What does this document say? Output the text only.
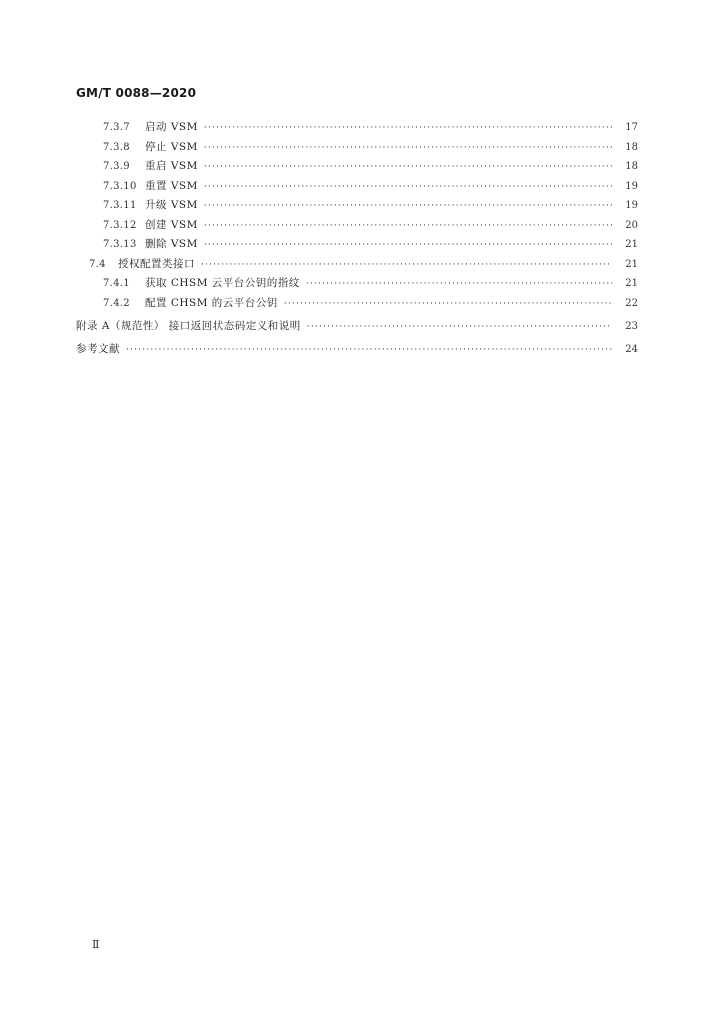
GM/T 0088—2020
7.3.7	启动 VSM ·····	17
7.3.8	停止 VSM ·····	18
7.3.9	重启 VSM ·····	18
7.3.10 重置 VSM ·····	19
7.3.11 升级 VSM ·····	19
7.3.12 创建 VSM ·····	20
7.3.13 删除 VSM ·····	21
7.4	授权配置类接口 ·····	21
7.4.1	获取 CHSM 云平台公钥的指纹 ·····	21
7.4.2	配置 CHSM 的云平台公钥 ·····	22
附录 A（规范性） 接口返回状态码定义和说明 ·····	23
参考文献 ·····	24
Ⅱ
